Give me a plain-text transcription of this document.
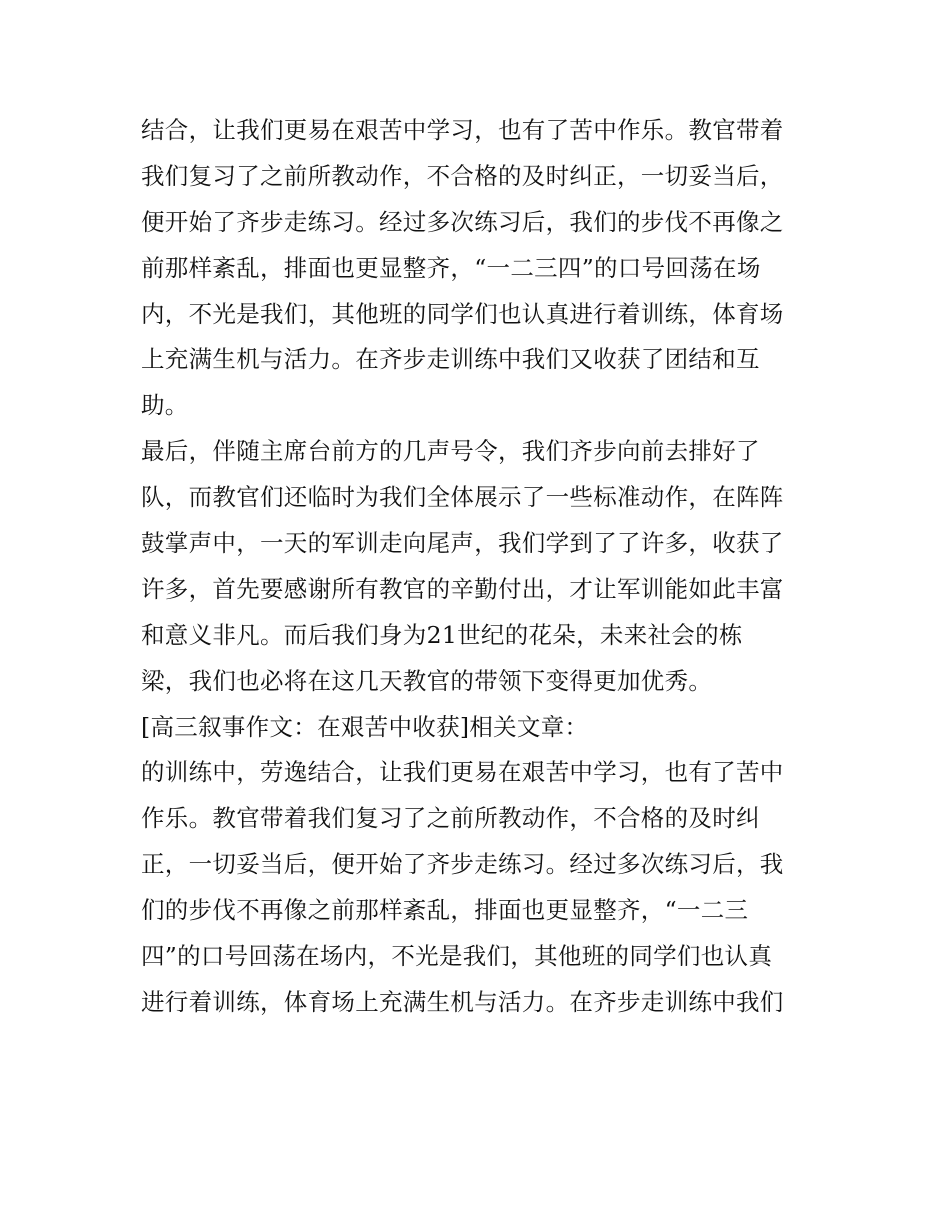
结合，让我们更易在艰苦中学习，也有了苦中作乐。教官带着
我们复习了之前所教动作，不合格的及时纠正，一切妥当后，
便开始了齐步走练习。经过多次练习后，我们的步伐不再像之
前那样紊乱，排面也更显整齐，“一二三四”的口号回荡在场
内，不光是我们，其他班的同学们也认真进行着训练，体育场
上充满生机与活力。在齐步走训练中我们又收获了团结和互
助。
最后，伴随主席台前方的几声号令，我们齐步向前去排好了
队，而教官们还临时为我们全体展示了一些标准动作，在阵阵
鼓掌声中，一天的军训走向尾声，我们学到了了许多，收获了
许多，首先要感谢所有教官的辛勤付出，才让军训能如此丰富
和意义非凡。而后我们身为21世纪的花朵，未来社会的栋
梁，我们也必将在这几天教官的带领下变得更加优秀。
[高三叙事作文：在艰苦中收获]相关文章：
的训练中，劳逸结合，让我们更易在艰苦中学习，也有了苦中
作乐。教官带着我们复习了之前所教动作，不合格的及时纠
正，一切妥当后，便开始了齐步走练习。经过多次练习后，我
们的步伐不再像之前那样紊乱，排面也更显整齐，“一二三
四”的口号回荡在场内，不光是我们，其他班的同学们也认真
进行着训练，体育场上充满生机与活力。在齐步走训练中我们
